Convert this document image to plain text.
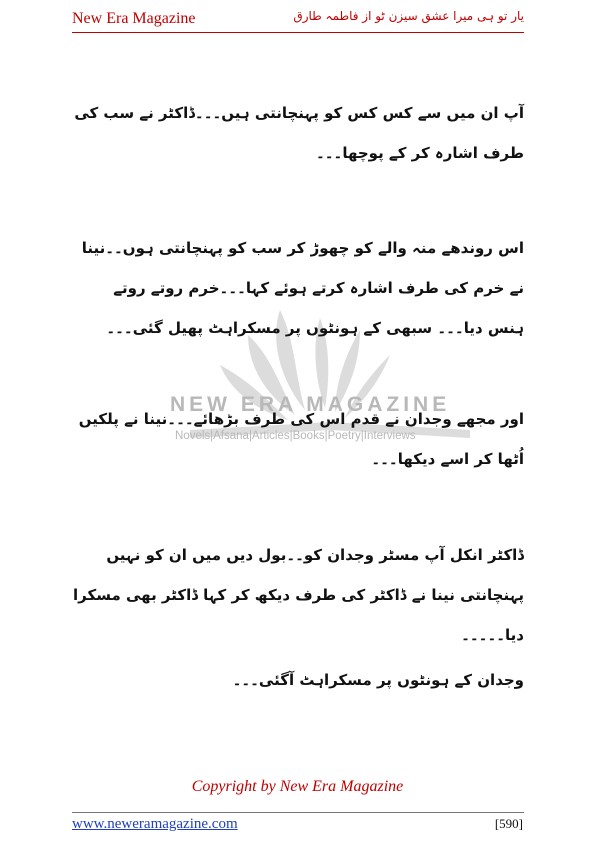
New Era Magazine	یار تو ہی میرا عشق سیزن ٹو از فاطمہ طارق
NEW ERA MAGAZINE
Novels|Afsana|Articles|Books|Poetry|Interviews

آپ ان میں سے کس کس کو پہنچانتی ہیں۔۔۔ڈاکٹر نے سب کی طرف اشارہ کر کے پوچھا۔۔۔

اس روندھے منہ والے کو چھوڑ کر سب کو پہنچانتی ہوں۔۔نینا نے خرم کی طرف اشارہ کرتے ہوئے کہا۔۔۔خرم روتے روتے ہنس دیا۔۔۔ سبھی کے ہونٹوں پر مسکراہٹ پھیل گئی۔۔۔

اور مجھے وجدان نے قدم اس کی طرف بڑھائے۔۔۔نینا نے پلکیں اُٹھا کر اسے دیکھا۔۔۔

ڈاکٹر انکل آپ مسٹر وجدان کو۔۔بول دیں میں ان کو نہیں پہنچانتی نینا نے ڈاکٹر کی طرف دیکھ کر کہا ڈاکٹر بھی مسکرا دیا۔۔۔۔۔

وجدان کے ہونٹوں پر مسکراہٹ آگئی۔۔۔

Copyright by New Era Magazine
www.neweramagazine.com	[590]
